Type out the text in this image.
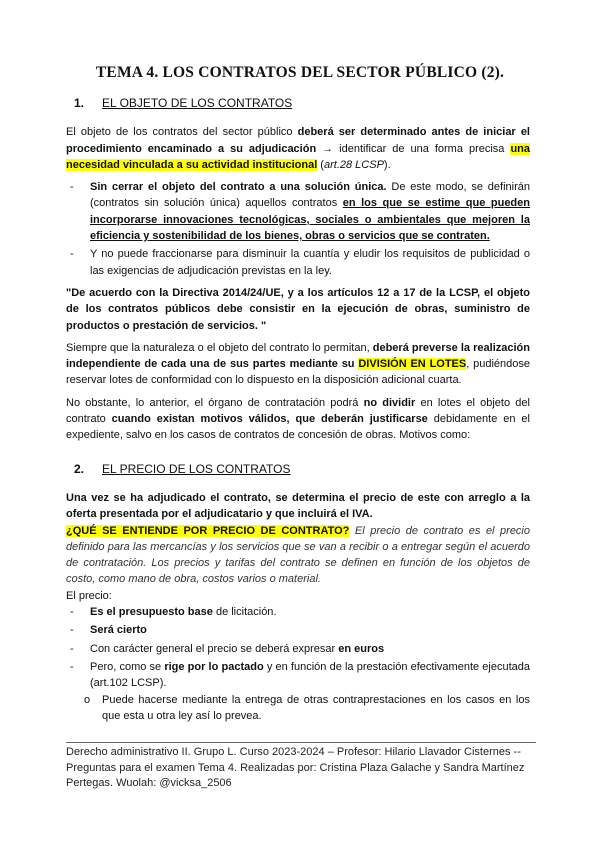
TEMA 4. LOS CONTRATOS DEL SECTOR PÚBLICO (2).
1.	EL OBJETO DE LOS CONTRATOS

El objeto de los contratos del sector público deberá ser determinado antes de iniciar el procedimiento encaminado a su adjudicación → identificar de una forma precisa una necesidad vinculada a su actividad institucional (art.28 LCSP).

- Sin cerrar el objeto del contrato a una solución única. De este modo, se definirán (contratos sin solución única) aquellos contratos en los que se estime que pueden incorporarse innovaciones tecnológicas, sociales o ambientales que mejoren la eficiencia y sostenibilidad de los bienes, obras o servicios que se contraten.
- Y no puede fraccionarse para disminuir la cuantía y eludir los requisitos de publicidad o las exigencias de adjudicación previstas en la ley.

"De acuerdo con la Directiva 2014/24/UE, y a los artículos 12 a 17 de la LCSP, el objeto de los contratos públicos debe consistir en la ejecución de obras, suministro de productos o prestación de servicios. "

Siempre que la naturaleza o el objeto del contrato lo permitan, deberá preverse la realización independiente de cada una de sus partes mediante su DIVISIÓN EN LOTES, pudiéndose reservar lotes de conformidad con lo dispuesto en la disposición adicional cuarta.

No obstante, lo anterior, el órgano de contratación podrá no dividir en lotes el objeto del contrato cuando existan motivos válidos, que deberán justificarse debidamente en el expediente, salvo en los casos de contratos de concesión de obras. Motivos como:

2.	EL PRECIO DE LOS CONTRATOS

Una vez se ha adjudicado el contrato, se determina el precio de este con arreglo a la oferta presentada por el adjudicatario y que incluirá el IVA.

¿QUÉ SE ENTIENDE POR PRECIO DE CONTRATO? El precio de contrato es el precio definido para las mercancías y los servicios que se van a recibir o a entregar según el acuerdo de contratación. Los precios y tarifas del contrato se definen en función de los objetos de costo, como mano de obra, costos varios o material.

El precio:
- Es el presupuesto base de licitación.
- Será cierto
- Con carácter general el precio se deberá expresar en euros
- Pero, como se rige por lo pactado y en función de la prestación efectivamente ejecutada (art.102 LCSP).
o Puede hacerse mediante la entrega de otras contraprestaciones en los casos en los que esta u otra ley así lo prevea.
Derecho administrativo II. Grupo L. Curso 2023-2024 – Profesor: Hilario Llavador Cisternes -- Preguntas para el examen Tema 4. Realizadas por: Cristina Plaza Galache y Sandra Martínez Pertegas. Wuolah: @vicksa_2506
